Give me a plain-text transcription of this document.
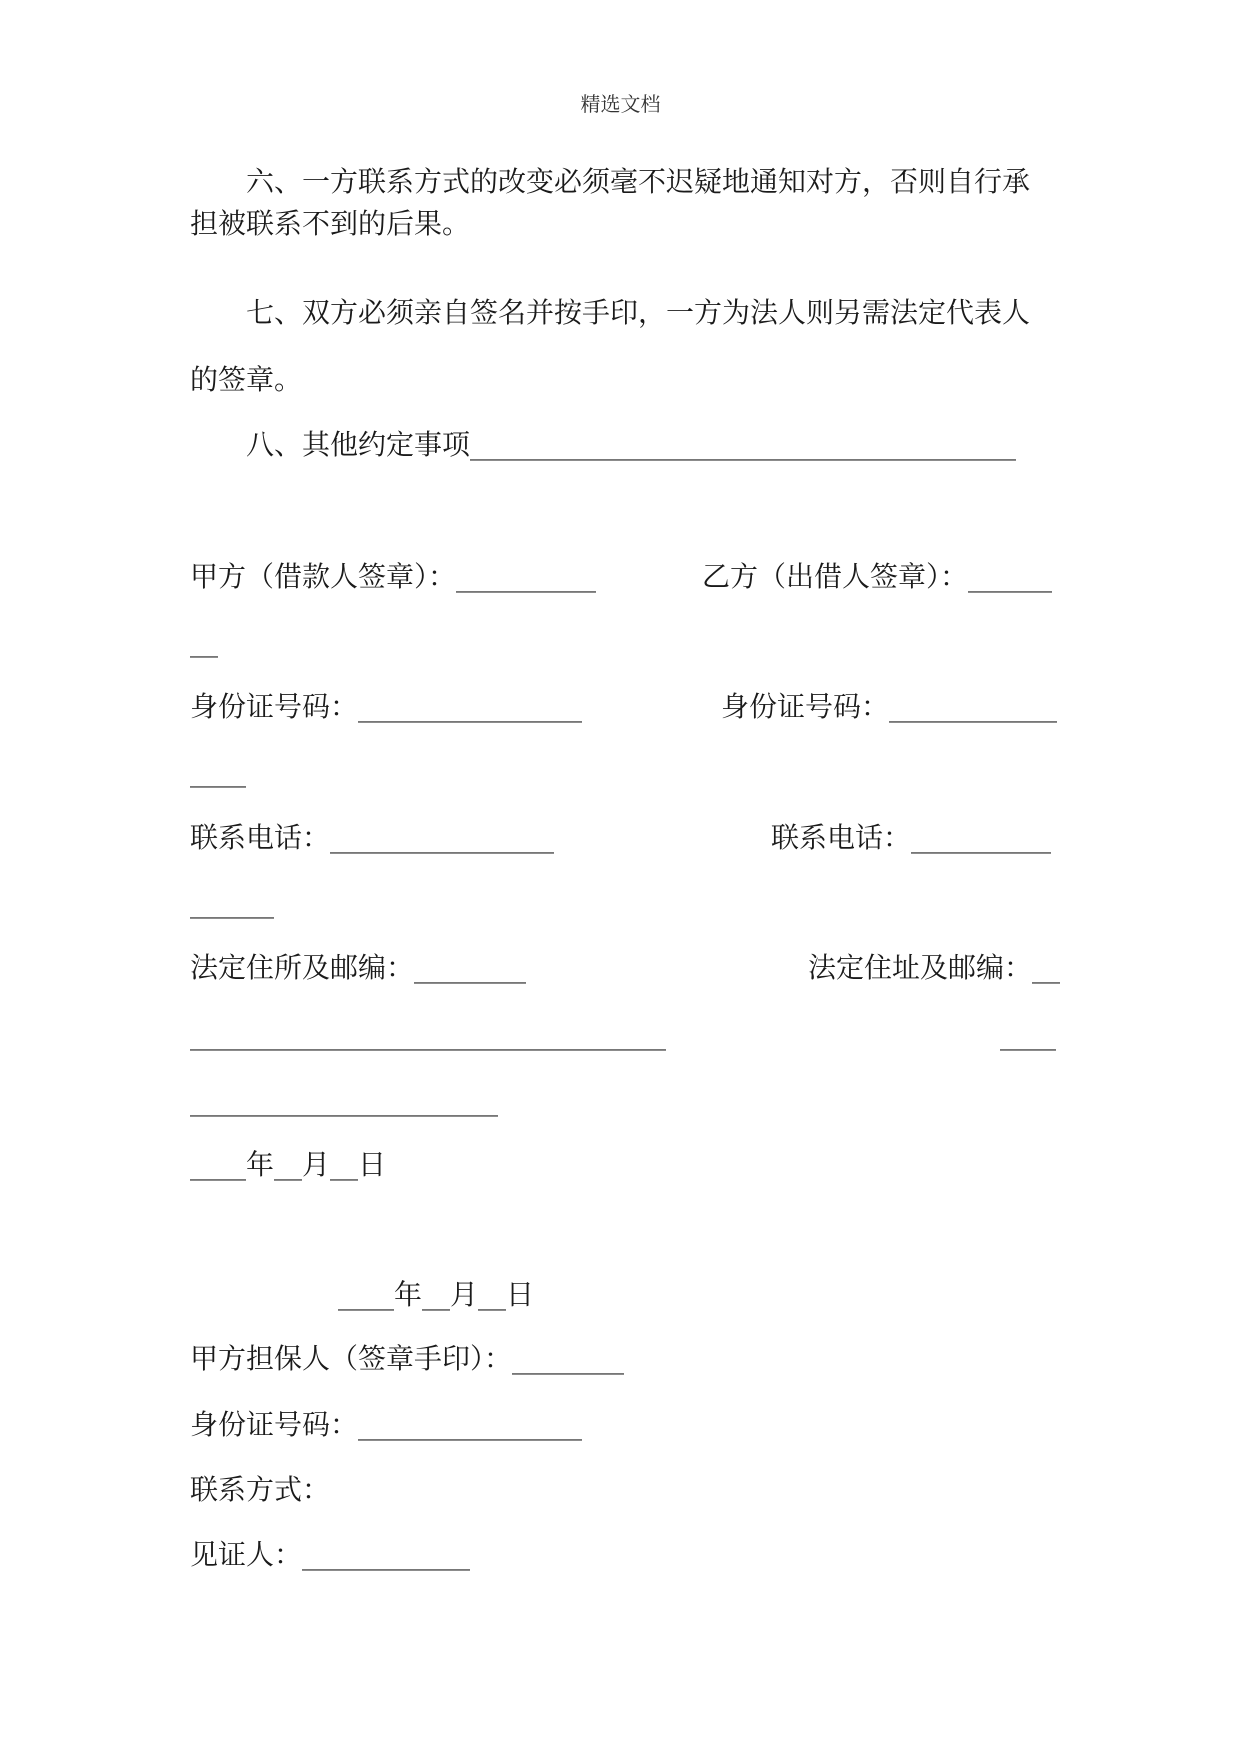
精选文档
六、一方联系方式的改变必须毫不迟疑地通知对方，否则自行承
担被联系不到的后果。
七、双方必须亲自签名并按手印，一方为法人则另需法定代表人
的签章。
八、其他约定事项_______________________________________
甲方（借款人签章）：__________	乙方（出借人签章）：______
__
身份证号码：________________	身份证号码：____________
____
联系电话：________________	联系电话：__________
______
法定住所及邮编：________	法定住址及邮编：__
__________________________________	____
______________________
____年__月__日
____年__月__日
甲方担保人（签章手印）：________
身份证号码：________________
联系方式：
见证人：____________
